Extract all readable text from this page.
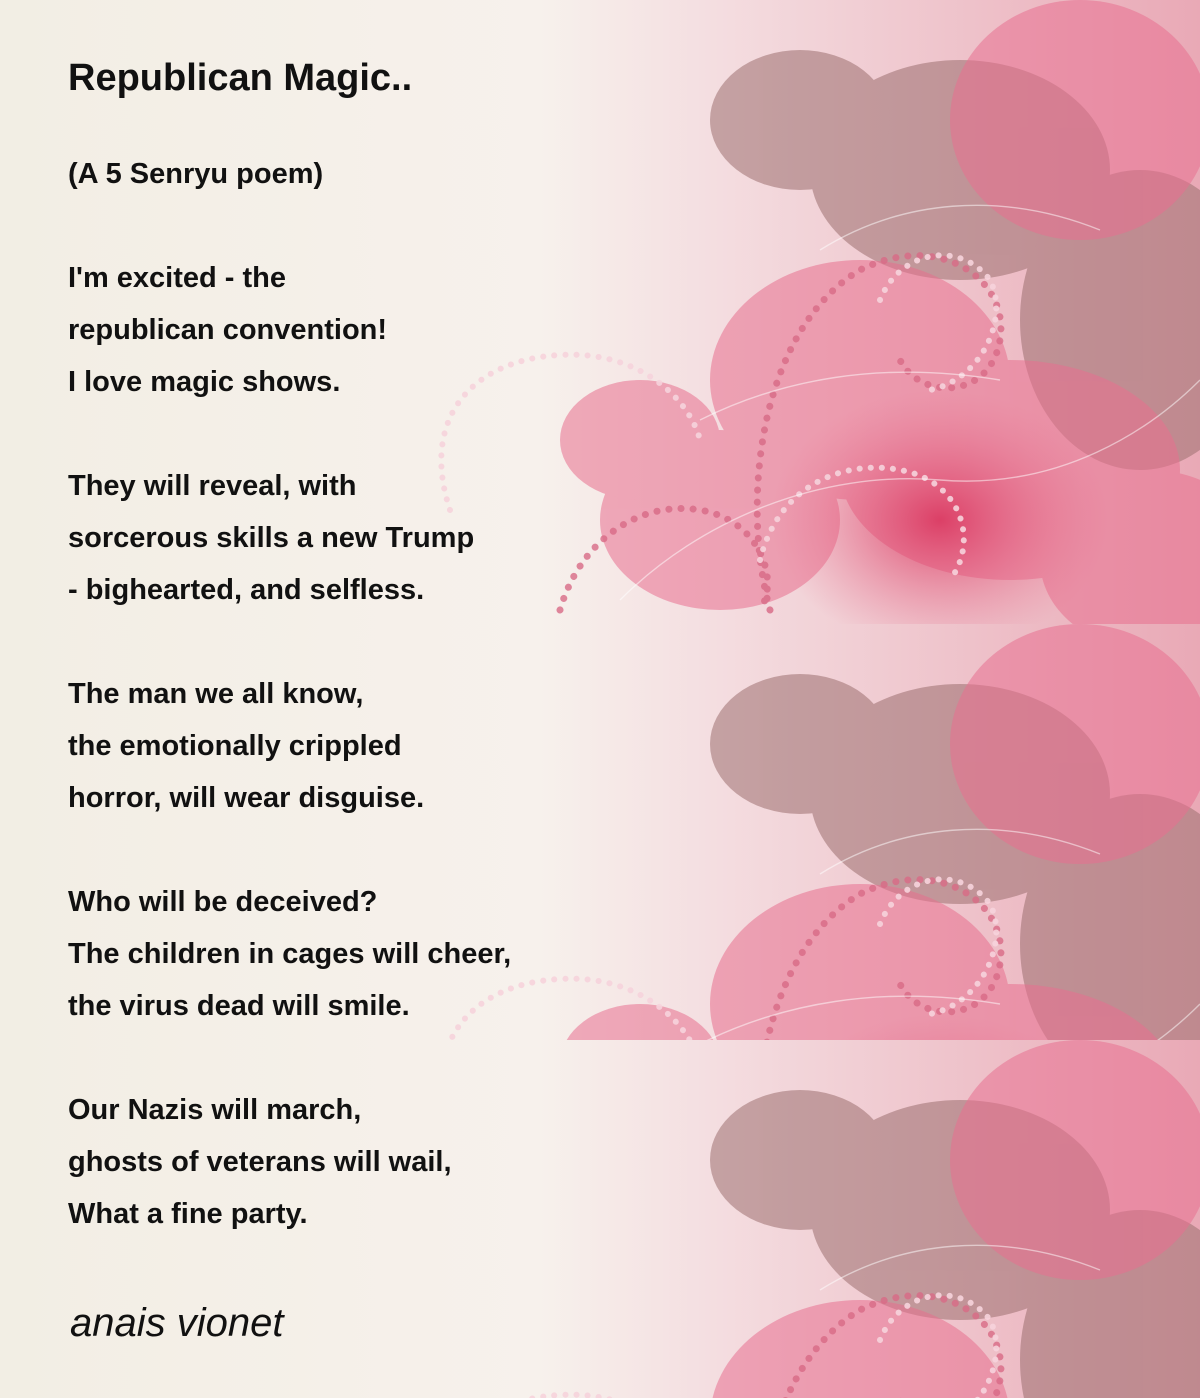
Republican Magic..
(A 5 Senryu poem)
I'm excited - the
republican convention!
I love magic shows.
They will reveal, with
sorcerous skills a new Trump
- bighearted, and selfless.
The man we all know,
the emotionally crippled
horror, will wear disguise.
Who will be deceived?
The children in cages will cheer,
the virus dead will smile.
Our Nazis will march,
ghosts of veterans will wail,
What a fine party.
anais vionet
